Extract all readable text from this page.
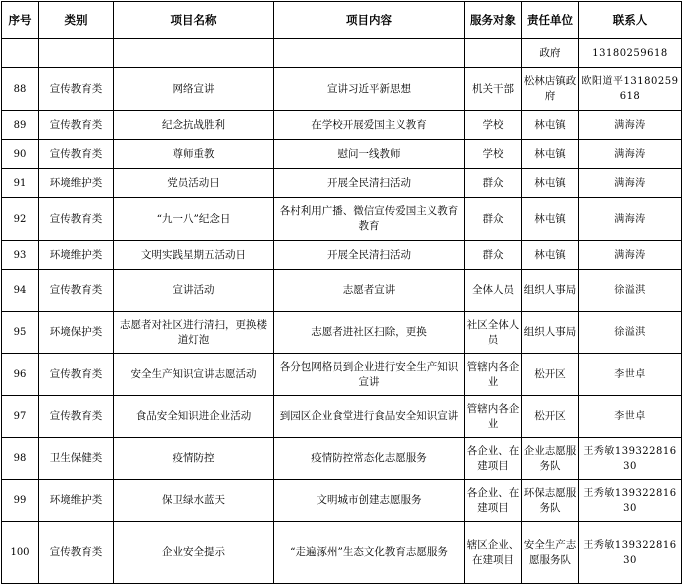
序号	类别	项目名称	项目内容	服务对象	责任单位	联系人
					政府	13180259618
88	宣传教育类	网络宣讲	宣讲习近平新思想	机关干部	松林店镇政府	欧阳道平13180259618
89	宣传教育类	纪念抗战胜利	在学校开展爱国主义教育	学校	林屯镇	满海涛
90	宣传教育类	尊师重教	慰问一线教师	学校	林屯镇	满海涛
91	环境维护类	党员活动日	开展全民清扫活动	群众	林屯镇	满海涛
92	宣传教育类	“九一八”纪念日	各村利用广播、微信宣传爱国主义教育教育	群众	林屯镇	满海涛
93	环境维护类	文明实践星期五活动日	开展全民清扫活动	群众	林屯镇	满海涛
94	宣传教育类	宣讲活动	志愿者宣讲	全体人员	组织人事局	徐溢淇
95	环境保护类	志愿者对社区进行清扫，更换楼道灯泡	志愿者进社区扫除，更换	社区全体人员	组织人事局	徐溢淇
96	宣传教育类	安全生产知识宣讲志愿活动	各分包网格员到企业进行安全生产知识宣讲	管辖内各企业	松开区	李世卓
97	宣传教育类	食品安全知识进企业活动	到园区企业食堂进行食品安全知识宣讲	管辖内各企业	松开区	李世卓
98	卫生保健类	疫情防控	疫情防控常态化志愿服务	各企业、在建项目	企业志愿服务队	王秀敏13932281630
99	环境维护类	保卫绿水蓝天	文明城市创建志愿服务	各企业、在建项目	环保志愿服务队	王秀敏13932281630
100	宣传教育类	企业安全提示	“走遍涿州”生态文化教育志愿服务	辖区企业、在建项目	安全生产志愿服务队	王秀敏13932281630
